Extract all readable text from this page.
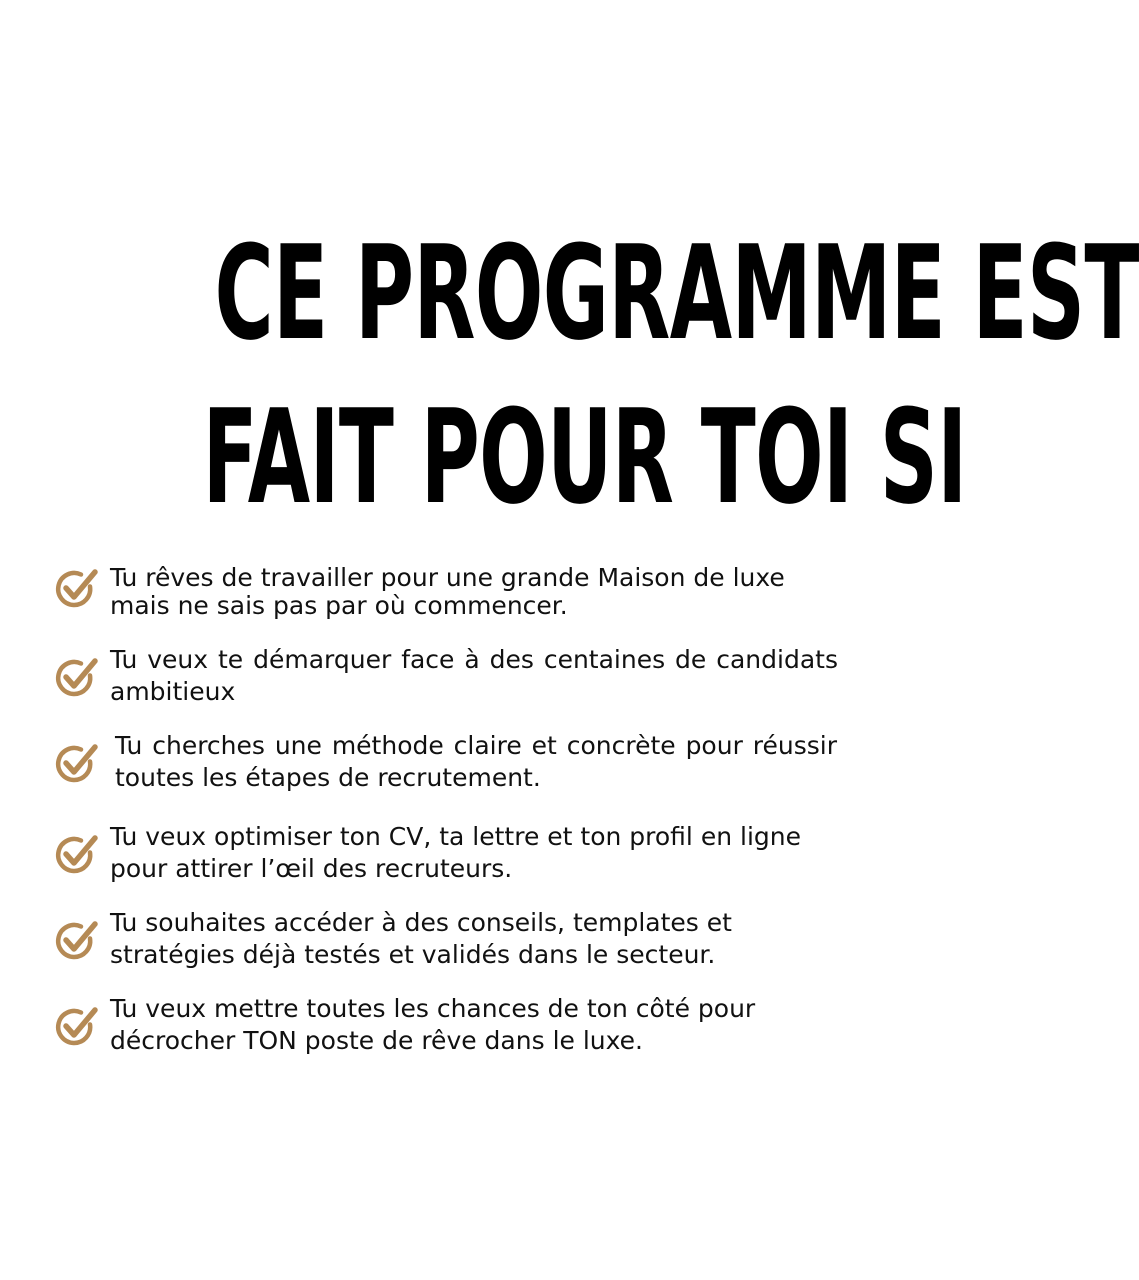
CE PROGRAMME EST
FAIT POUR TOI SI

Tu rêves de travailler pour une grande Maison de luxe mais ne sais pas par où commencer.

Tu veux te démarquer face à des centaines de candidats ambitieux

Tu cherches une méthode claire et concrète pour réussir toutes les étapes de recrutement.

Tu veux optimiser ton CV, ta lettre et ton profil en ligne pour attirer l’œil des recruteurs.

Tu souhaites accéder à des conseils, templates et stratégies déjà testés et validés dans le secteur.

Tu veux mettre toutes les chances de ton côté pour décrocher TON poste de rêve dans le luxe.
